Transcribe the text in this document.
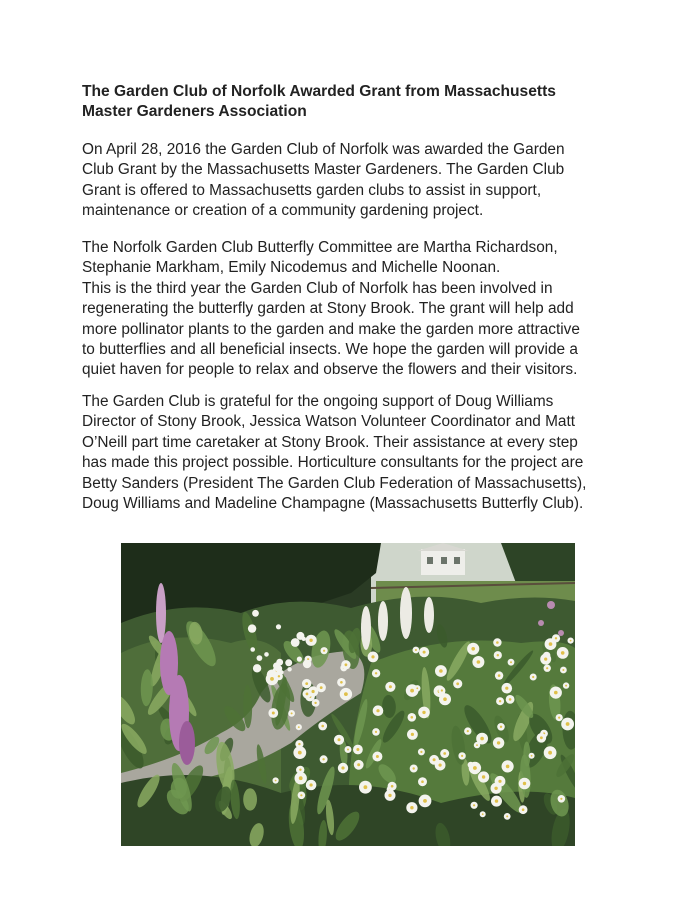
The Garden Club of Norfolk Awarded Grant from Massachusetts
Master Gardeners Association

On April 28, 2016 the Garden Club of Norfolk was awarded the Garden
Club Grant by the Massachusetts Master Gardeners. The Garden Club
Grant is offered to Massachusetts garden clubs to assist in support,
maintenance or creation of a community gardening project.

The Norfolk Garden Club Butterfly Committee are Martha Richardson,
Stephanie Markham, Emily Nicodemus and Michelle Noonan.
This is the third year the Garden Club of Norfolk has been involved in
regenerating the butterfly garden at Stony Brook. The grant will help add
more pollinator plants to the garden and make the garden more attractive
to butterflies and all beneficial insects. We hope the garden will provide a
quiet haven for people to relax and observe the flowers and their visitors.

The Garden Club is grateful for the ongoing support of Doug Williams
Director of Stony Brook, Jessica Watson Volunteer Coordinator and Matt
O’Neill part time caretaker at Stony Brook. Their assistance at every step
has made this project possible. Horticulture consultants for the project are
Betty Sanders (President The Garden Club Federation of Massachusetts),
Doug Williams and Madeline Champagne (Massachusetts Butterfly Club).
